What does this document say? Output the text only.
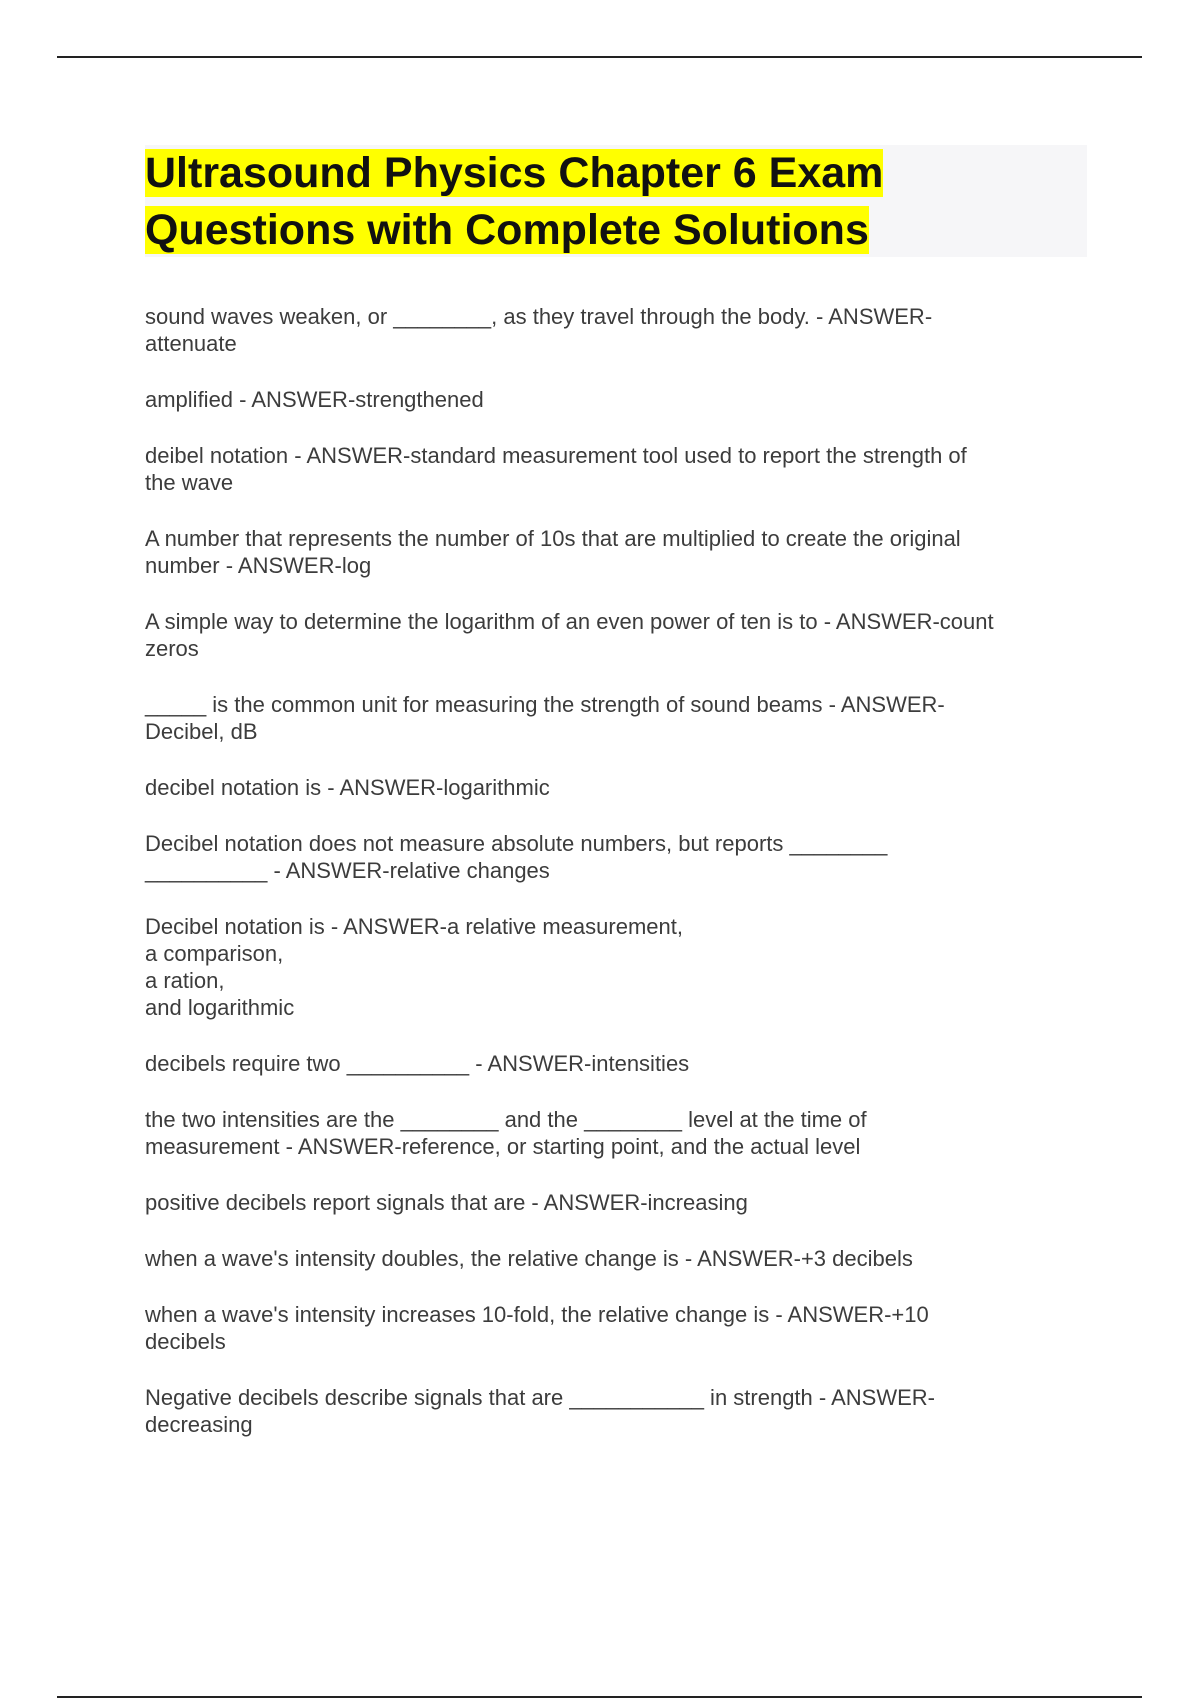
Ultrasound Physics Chapter 6 Exam
Questions with Complete Solutions
sound waves weaken, or ________, as they travel through the body. - ANSWER-
attenuate
amplified - ANSWER-strengthened
deibel notation - ANSWER-standard measurement tool used to report the strength of
the wave
A number that represents the number of 10s that are multiplied to create the original
number - ANSWER-log
A simple way to determine the logarithm of an even power of ten is to - ANSWER-count
zeros
_____ is the common unit for measuring the strength of sound beams - ANSWER-
Decibel, dB
decibel notation is - ANSWER-logarithmic
Decibel notation does not measure absolute numbers, but reports ________
__________ - ANSWER-relative changes
Decibel notation is - ANSWER-a relative measurement,
a comparison,
a ration,
and logarithmic
decibels require two __________ - ANSWER-intensities
the two intensities are the ________ and the ________ level at the time of
measurement - ANSWER-reference, or starting point, and the actual level
positive decibels report signals that are - ANSWER-increasing
when a wave's intensity doubles, the relative change is - ANSWER-+3 decibels
when a wave's intensity increases 10-fold, the relative change is - ANSWER-+10
decibels
Negative decibels describe signals that are ___________ in strength - ANSWER-
decreasing
